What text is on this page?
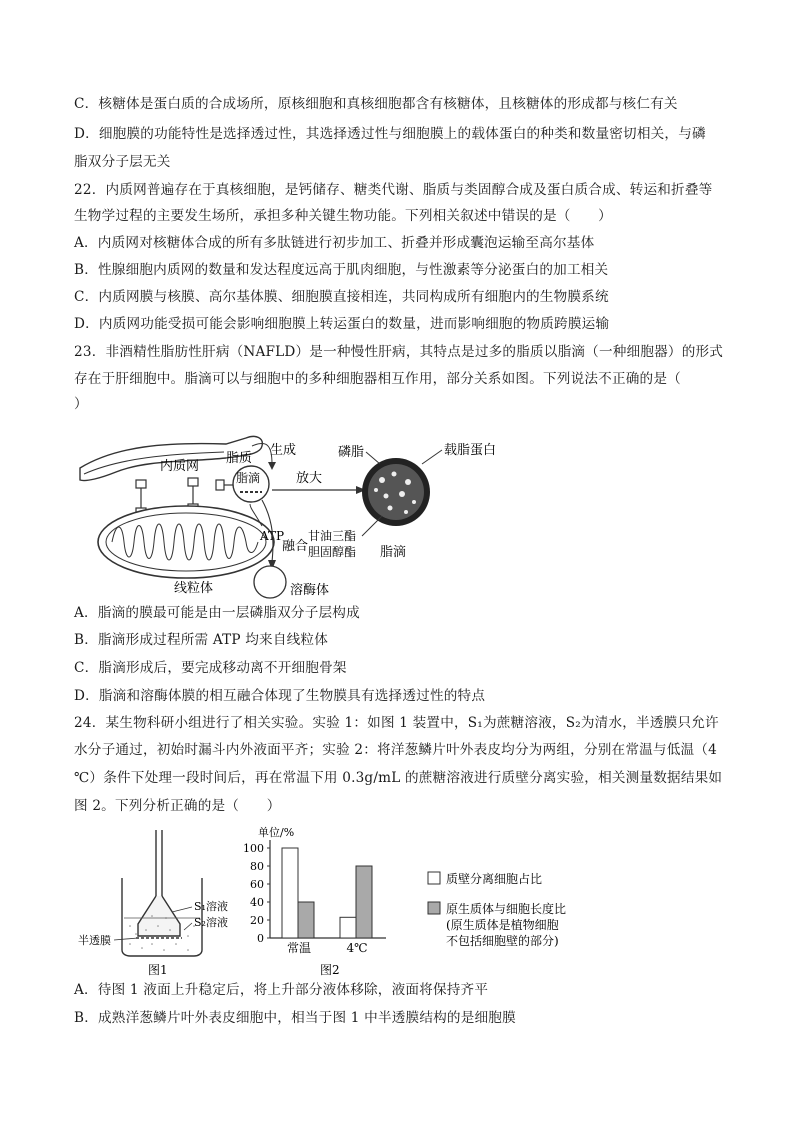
C．核糖体是蛋白质的合成场所，原核细胞和真核细胞都含有核糖体，且核糖体的形成都与核仁有关
D．细胞膜的功能特性是选择透过性，其选择透过性与细胞膜上的载体蛋白的种类和数量密切相关，与磷
脂双分子层无关
22．内质网普遍存在于真核细胞，是钙储存、糖类代谢、脂质与类固醇合成及蛋白质合成、转运和折叠等
生物学过程的主要发生场所，承担多种关键生物功能。下列相关叙述中错误的是（　　）
A．内质网对核糖体合成的所有多肽链进行初步加工、折叠并形成囊泡运输至高尔基体
B．性腺细胞内质网的数量和发达程度远高于肌肉细胞，与性激素等分泌蛋白的加工相关
C．内质网膜与核膜、高尔基体膜、细胞膜直接相连，共同构成所有细胞内的生物膜系统
D．内质网功能受损可能会影响细胞膜上转运蛋白的数量，进而影响细胞的物质跨膜运输
23．非酒精性脂肪性肝病（NAFLD）是一种慢性肝病，其特点是过多的脂质以脂滴（一种细胞器）的形式
存在于肝细胞中。脂滴可以与细胞中的多种细胞器相互作用，部分关系如图。下列说法不正确的是（
）
内质网
线粒体
脂质
生成
脂滴	放大
ATP
融合
溶酶体
磷脂	载脂蛋白
甘油三酯
胆固醇酯 脂滴
A．脂滴的膜最可能是由一层磷脂双分子层构成
B．脂滴形成过程所需 ATP 均来自线粒体
C．脂滴形成后，要完成移动离不开细胞骨架
D．脂滴和溶酶体膜的相互融合体现了生物膜具有选择透过性的特点
24．某生物科研小组进行了相关实验。实验 1：如图 1 装置中，S₁为蔗糖溶液，S₂为清水，半透膜只允许
水分子通过，初始时漏斗内外液面平齐；实验 2：将洋葱鳞片叶外表皮均分为两组，分别在常温与低温（4
℃）条件下处理一段时间后，再在常温下用 0.3g/mL 的蔗糖溶液进行质壁分离实验，相关测量数据结果如
图 2。下列分析正确的是（　　）
S₁溶液
S₂溶液
半透膜
图1
单位/%
0
20
40
60
80
100
常温	4℃
图2
质壁分离细胞占比
原生质体与细胞长度比
(原生质体是植物细胞
不包括细胞壁的部分)
A．待图 1 液面上升稳定后，将上升部分液体移除，液面将保持齐平
B．成熟洋葱鳞片叶外表皮细胞中，相当于图 1 中半透膜结构的是细胞膜
